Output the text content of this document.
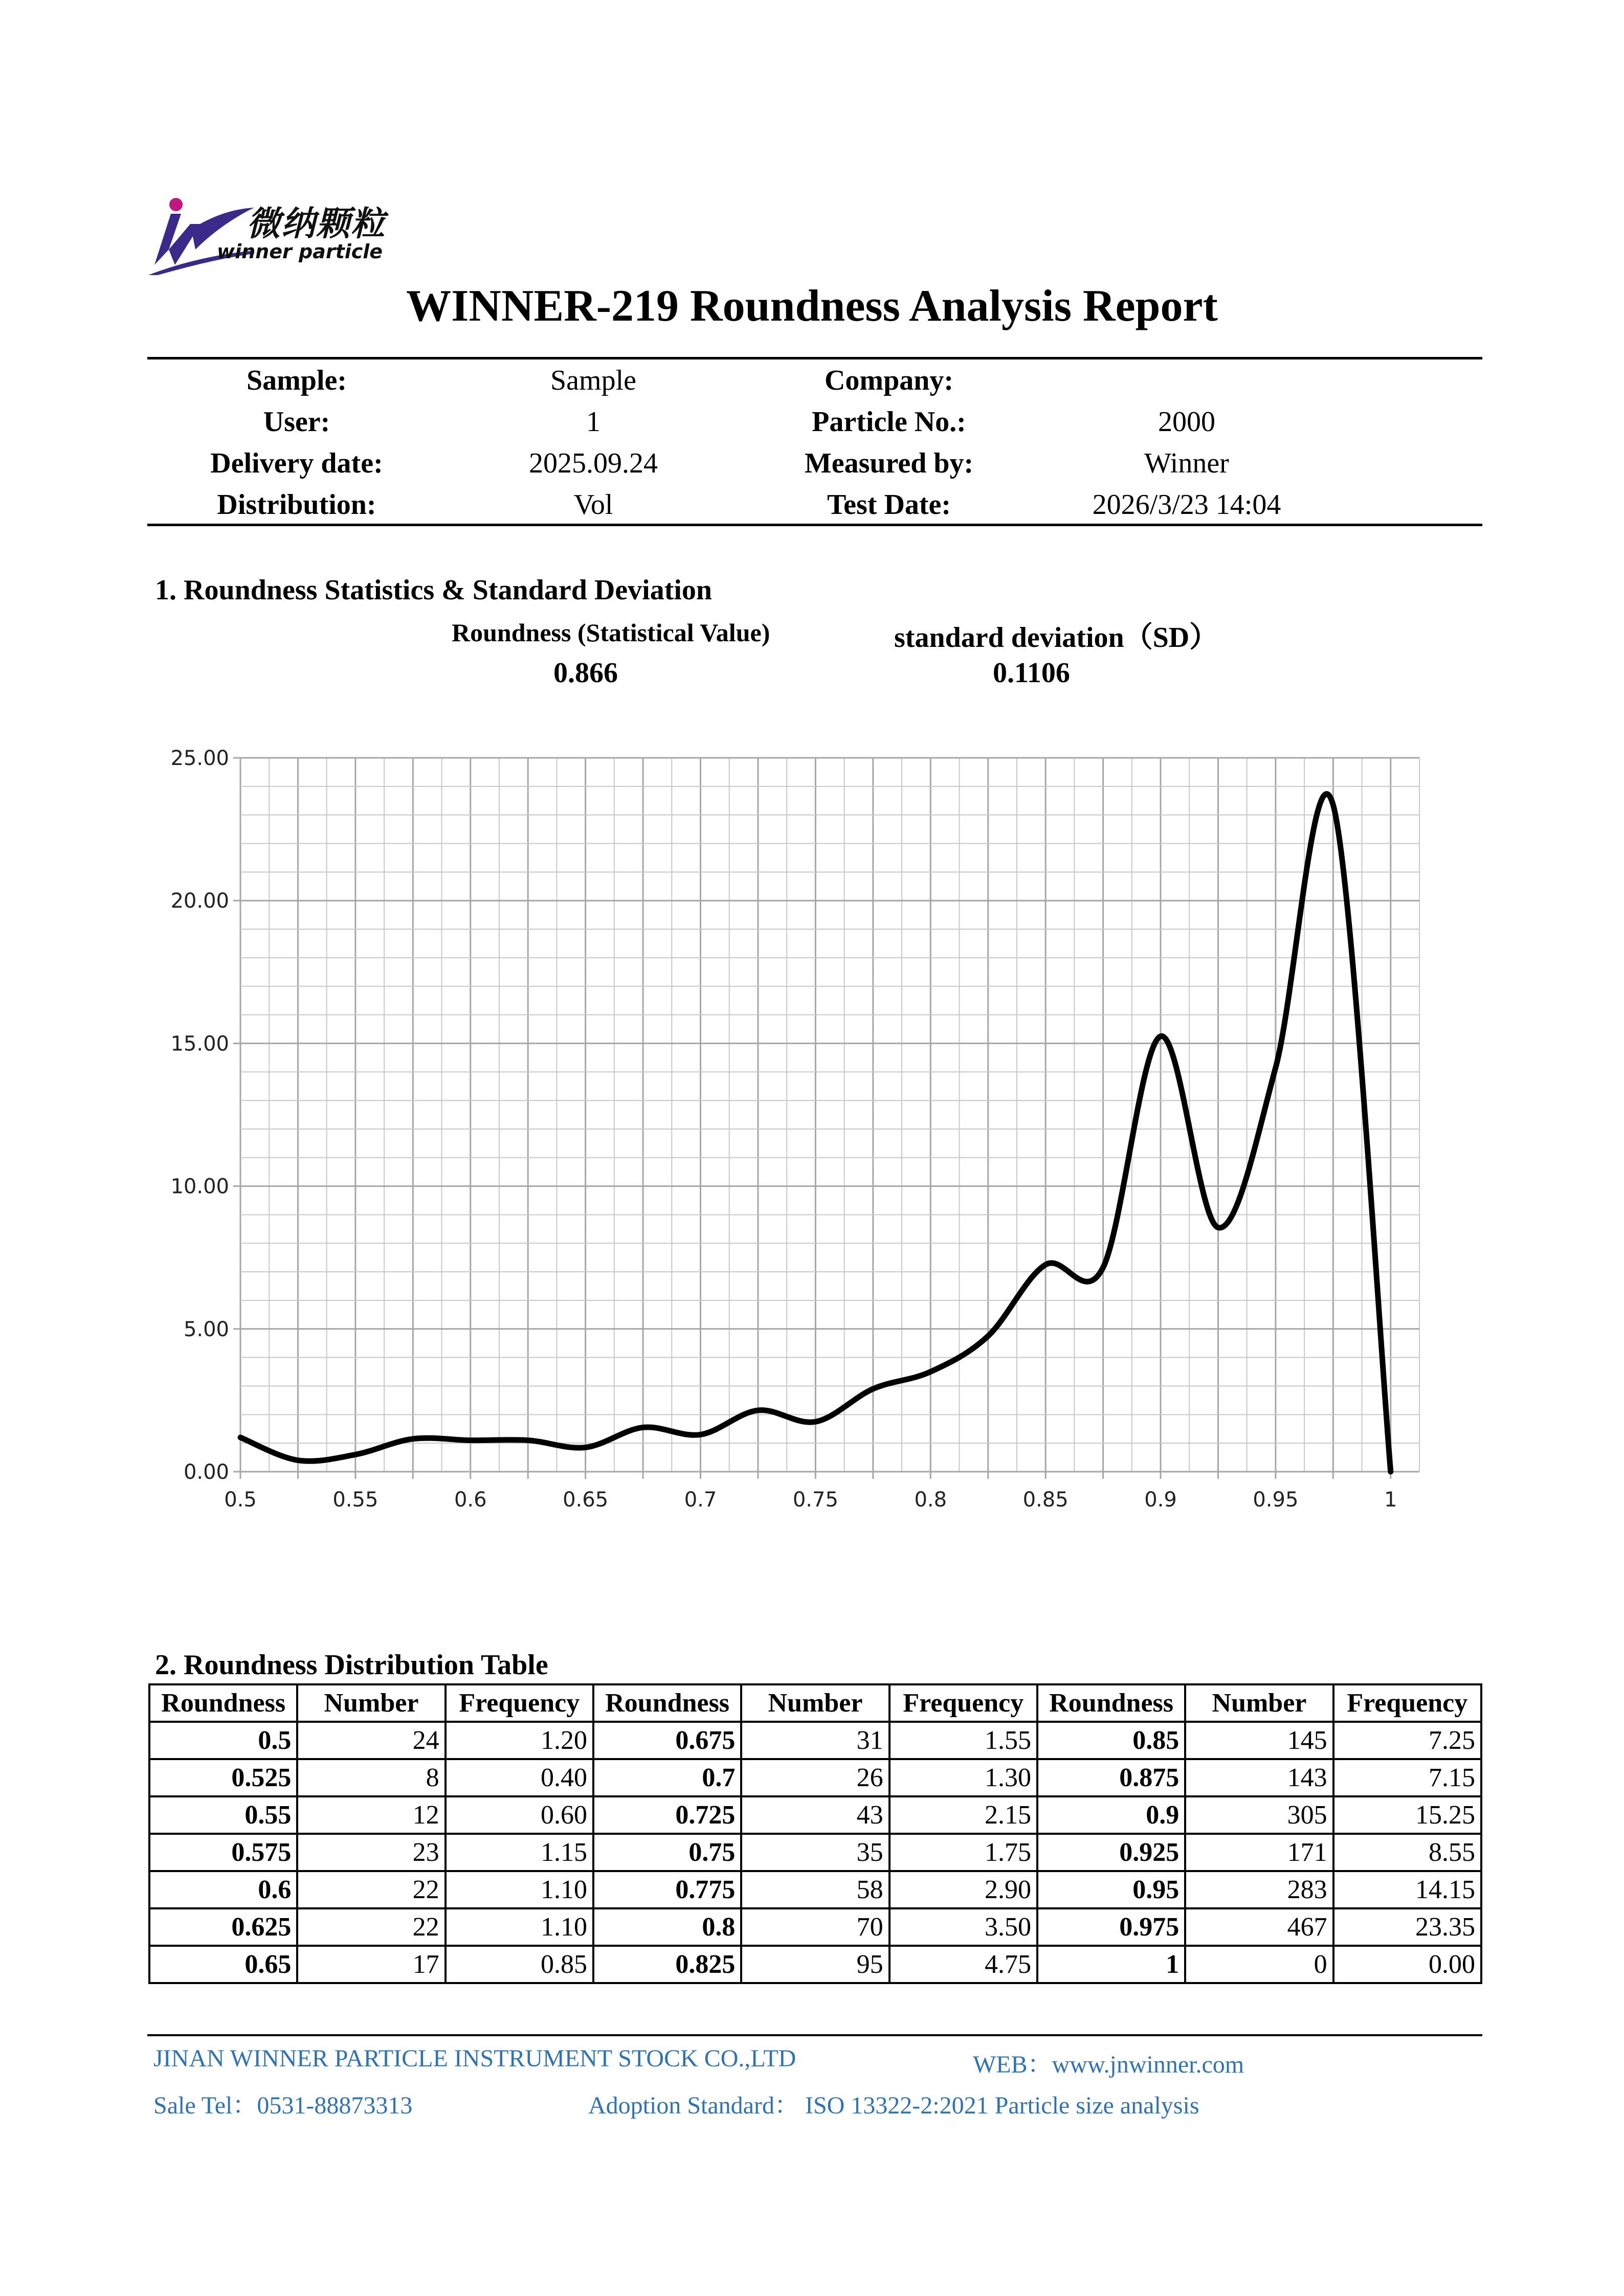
微纳颗粒
winner particle
WINNER-219 Roundness Analysis Report
Sample:	Sample	Company:
User:	1	Particle No.:	2000
Delivery date:	2025.09.24	Measured by:	Winner
Distribution:	Vol	Test Date:	2026/3/23 14:04
1. Roundness Statistics & Standard Deviation
Roundness (Statistical Value)
0.866
standard deviation（SD）
0.1106
0.5	0.55	0.6	0.65	0.7	0.75	0.8	0.85	0.9	0.95	1
0.00
5.00
10.00
15.00
20.00
25.00
2. Roundness Distribution Table
Roundness	Number	Frequency	Roundness	Number	Frequency	Roundness	Number	Frequency
0.5	24	1.20	0.675	31	1.55	0.85	145	7.25
0.525	8	0.40	0.7	26	1.30	0.875	143	7.15
0.55	12	0.60	0.725	43	2.15	0.9	305	15.25
0.575	23	1.15	0.75	35	1.75	0.925	171	8.55
0.6	22	1.10	0.775	58	2.90	0.95	283	14.15
0.625	22	1.10	0.8	70	3.50	0.975	467	23.35
0.65	17	0.85	0.825	95	4.75	1	0	0.00
JINAN WINNER PARTICLE INSTRUMENT STOCK CO.,LTD	WEB：www.jnwinner.com
Sale Tel：0531-88873313	Adoption Standard： ISO 13322-2:2021 Particle size analysis
